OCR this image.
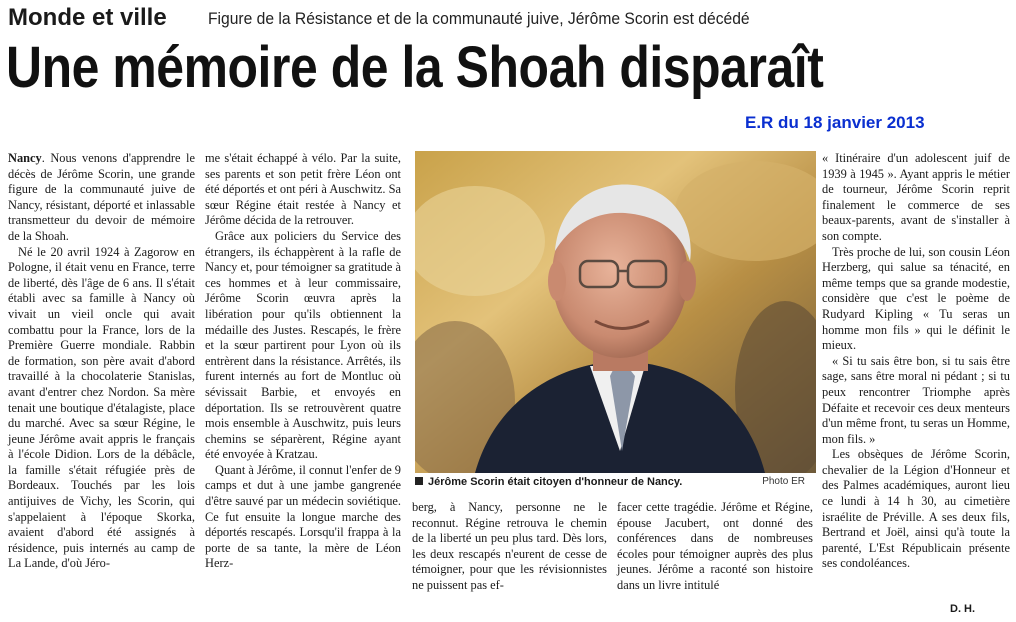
Monde et ville Figure de la Résistance et de la communauté juive, Jérôme Scorin est décédé
Une mémoire de la Shoah disparaît
E.R du 18 janvier 2013

Nancy. Nous venons d'apprendre le décès de Jérôme Scorin, une grande figure de la communauté juive de Nancy, résistant, déporté et inlassable transmetteur du devoir de mémoire de la Shoah.

Né le 20 avril 1924 à Zagorow en Pologne, il était venu en France, terre de liberté, dès l'âge de 6 ans. Il s'était établi avec sa famille à Nancy où vivait un vieil oncle qui avait combattu pour la France, lors de la Première Guerre mondiale. Rabbin de formation, son père avait d'abord travaillé à la chocolaterie Stanislas, avant d'entrer chez Nordon. Sa mère tenait une boutique d'étalagiste, place du marché. Avec sa sœur Régine, le jeune Jérôme avait appris le français à l'école Didion. Lors de la débâcle, la famille s'était réfugiée près de Bordeaux. Touchés par les lois antijuives de Vichy, les Scorin, qui s'appelaient à l'époque Skorka, avaient d'abord été assignés à résidence, puis internés au camp de La Lande, d'où Jéro-

me s'était échappé à vélo. Par la suite, ses parents et son petit frère Léon ont été déportés et ont péri à Auschwitz. Sa sœur Régine était restée à Nancy et Jérôme décida de la retrouver.

Grâce aux policiers du Service des étrangers, ils échappèrent à la rafle de Nancy et, pour témoigner sa gratitude à ces hommes et à leur commissaire, Jérôme Scorin œuvra après la libération pour qu'ils obtiennent la médaille des Justes. Rescapés, le frère et la sœur partirent pour Lyon où ils entrèrent dans la résistance. Arrêtés, ils furent internés au fort de Montluc où sévissait Barbie, et envoyés en déportation. Ils se retrouvèrent quatre mois ensemble à Auschwitz, puis leurs chemins se séparèrent, Régine ayant été envoyée à Kratzau.

Quant à Jérôme, il connut l'enfer de 9 camps et dut à une jambe gangrenée d'être sauvé par un médecin soviétique. Ce fut ensuite la longue marche des déportés rescapés. Lorsqu'il frappa à la porte de sa tante, la mère de Léon Herz-

Jérôme Scorin était citoyen d'honneur de Nancy.	Photo ER

berg, à Nancy, personne ne le reconnut. Régine retrouva le chemin de la liberté un peu plus tard. Dès lors, les deux rescapés n'eurent de cesse de témoigner, pour que les révisionnistes ne puissent pas ef-

facer cette tragédie. Jérôme et Régine, épouse Jacubert, ont donné des conférences dans de nombreuses écoles pour témoigner auprès des plus jeunes. Jérôme a raconté son histoire dans un livre intitulé

« Itinéraire d'un adolescent juif de 1939 à 1945 ». Ayant appris le métier de tourneur, Jérôme Scorin reprit finalement le commerce de ses beaux-parents, avant de s'installer à son compte.

Très proche de lui, son cousin Léon Herzberg, qui salue sa ténacité, en même temps que sa grande modestie, considère que c'est le poème de Rudyard Kipling « Tu seras un homme mon fils » qui le définit le mieux.

« Si tu sais être bon, si tu sais être sage, sans être moral ni pédant ; si tu peux rencontrer Triomphe après Défaite et recevoir ces deux menteurs d'un même front, tu seras un Homme, mon fils. »

Les obsèques de Jérôme Scorin, chevalier de la Légion d'Honneur et des Palmes académiques, auront lieu ce lundi à 14 h 30, au cimetière israélite de Préville. A ses deux fils, Bertrand et Joël, ainsi qu'à toute la parenté, L'Est Républicain présente ses condoléances.

D. H.
